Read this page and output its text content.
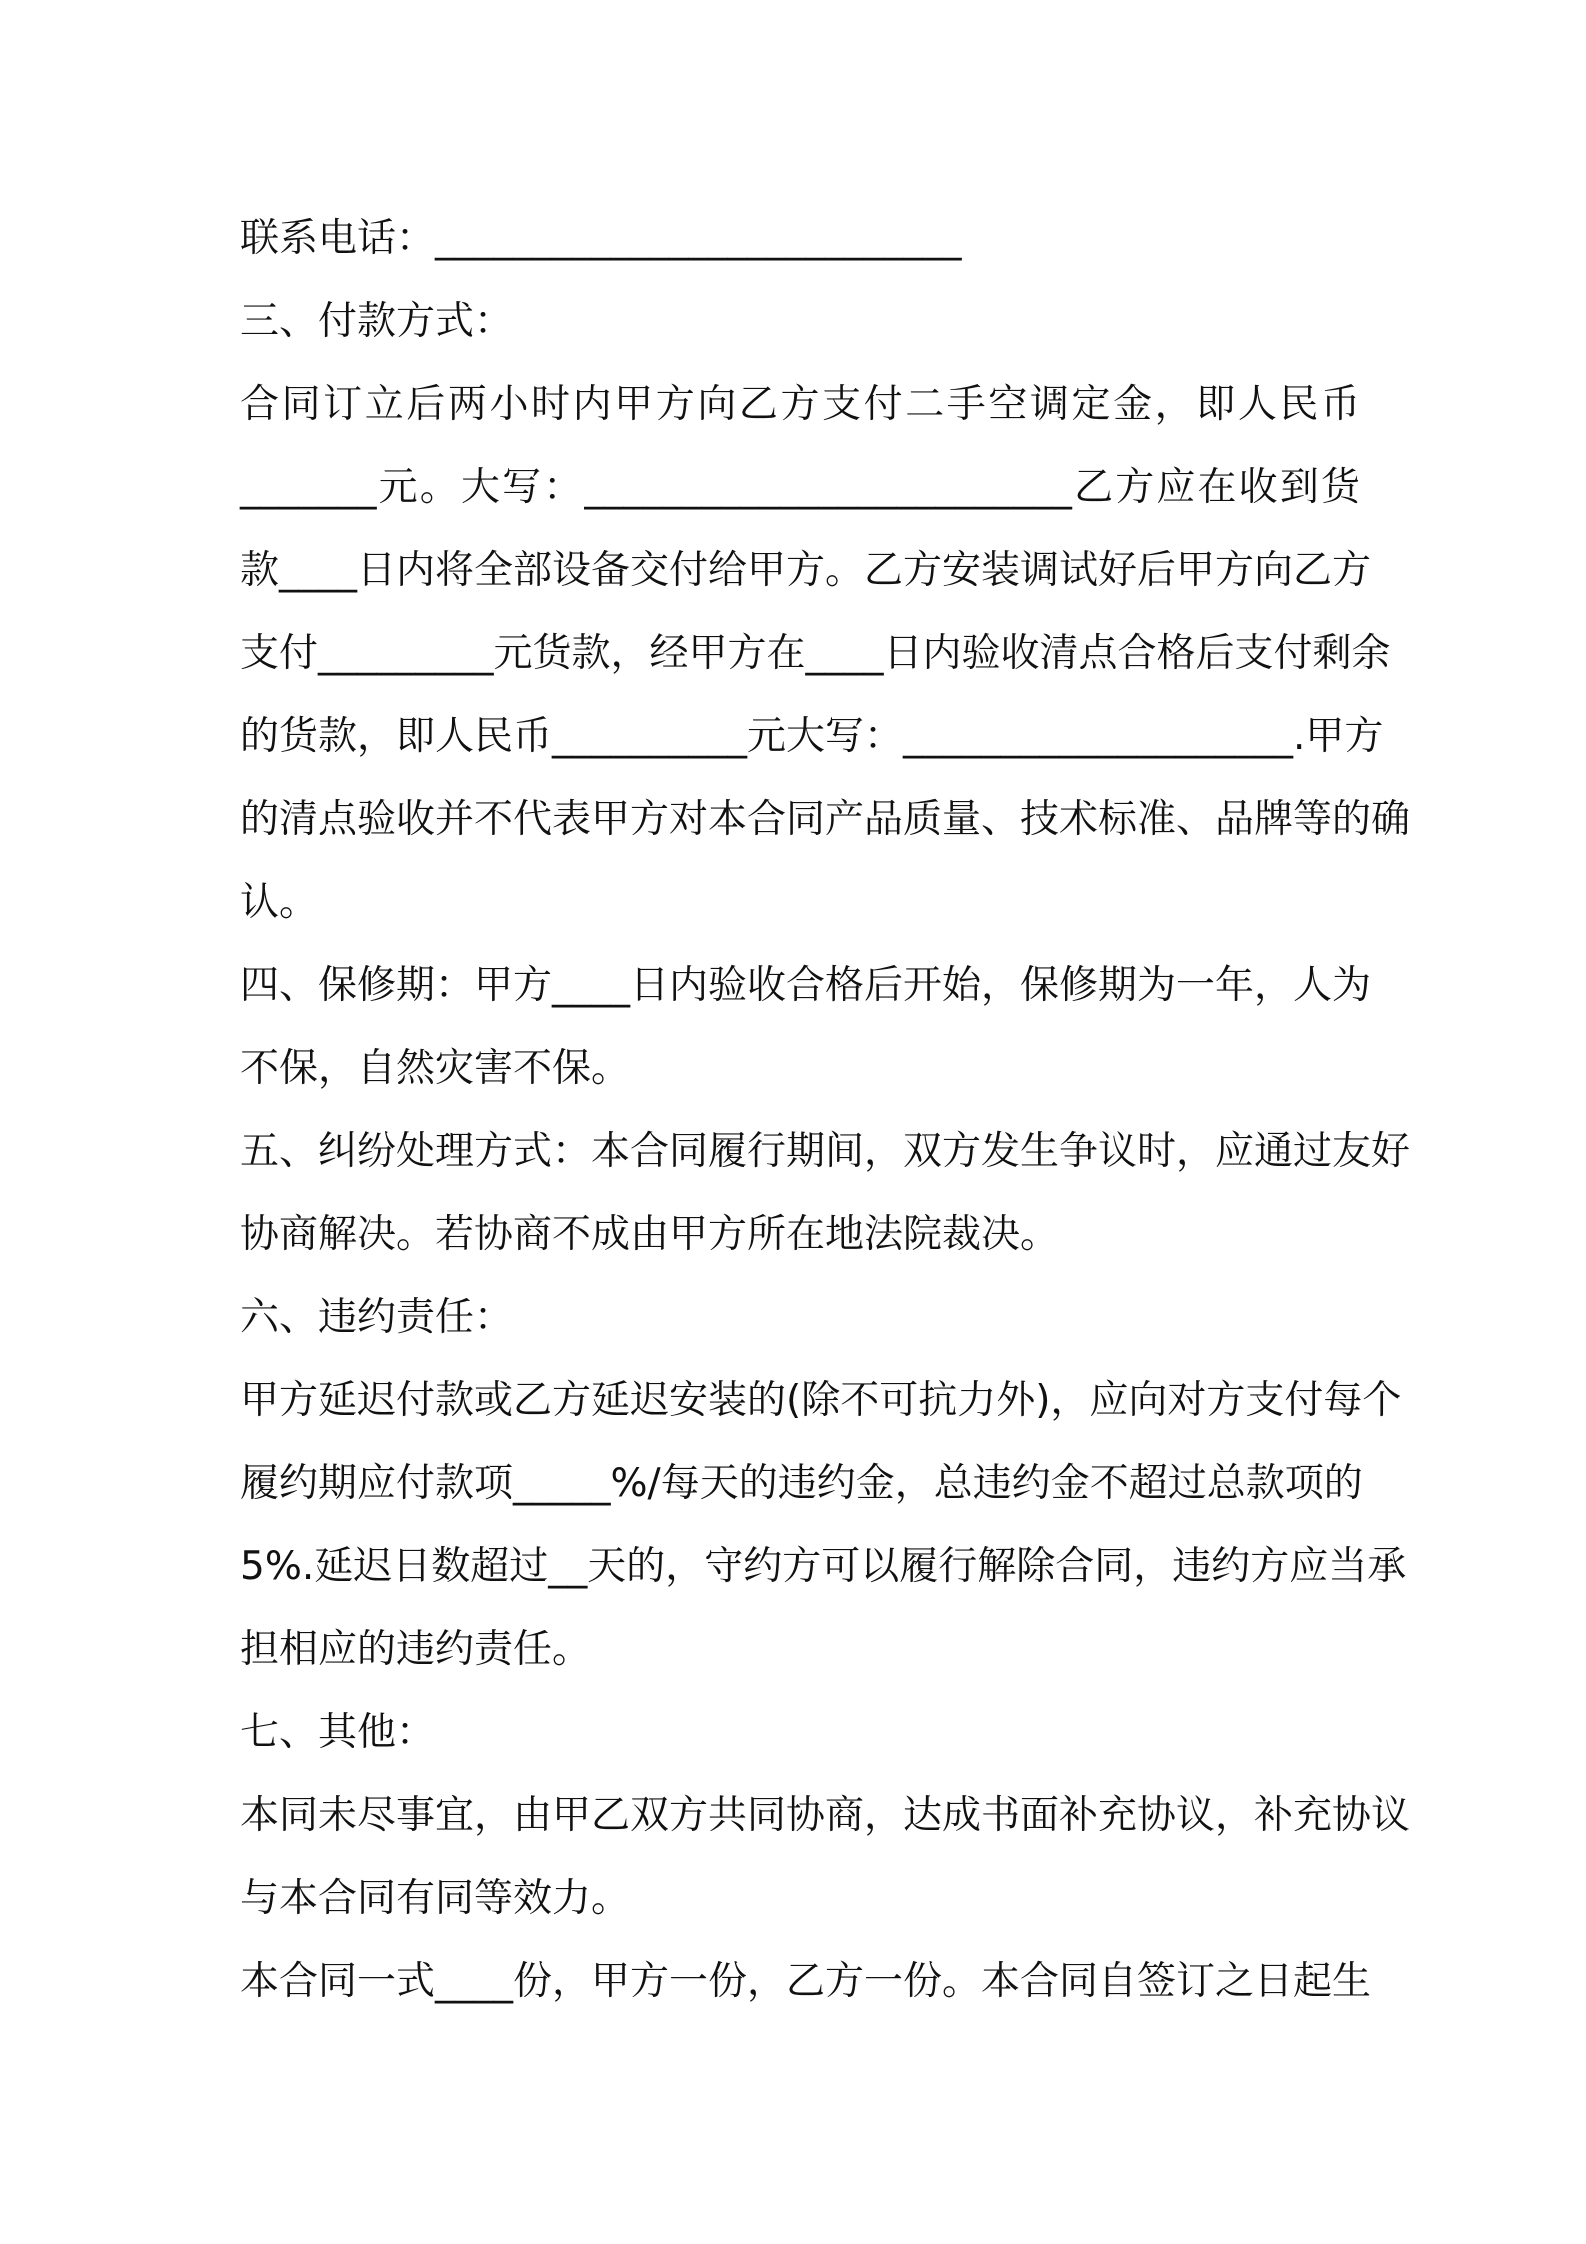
联系电话：___________________________
三、付款方式：
合同订立后两小时内甲方向乙方支付二手空调定金，即人民币
_______元。大写：_________________________乙方应在收到货
款____日内将全部设备交付给甲方。乙方安装调试好后甲方向乙方
支付_________元货款，经甲方在____日内验收清点合格后支付剩余
的货款，即人民币__________元大写：____________________.甲方
的清点验收并不代表甲方对本合同产品质量、技术标准、品牌等的确
认。
四、保修期：甲方____日内验收合格后开始，保修期为一年，人为
不保，自然灾害不保。
五、纠纷处理方式：本合同履行期间，双方发生争议时，应通过友好
协商解决。若协商不成由甲方所在地法院裁决。
六、违约责任：
甲方延迟付款或乙方延迟安装的(除不可抗力外)，应向对方支付每个
履约期应付款项_____%/每天的违约金，总违约金不超过总款项的
5%.延迟日数超过__天的，守约方可以履行解除合同，违约方应当承
担相应的违约责任。
七、其他：
本同未尽事宜，由甲乙双方共同协商，达成书面补充协议，补充协议
与本合同有同等效力。
本合同一式____份，甲方一份，乙方一份。本合同自签订之日起生
